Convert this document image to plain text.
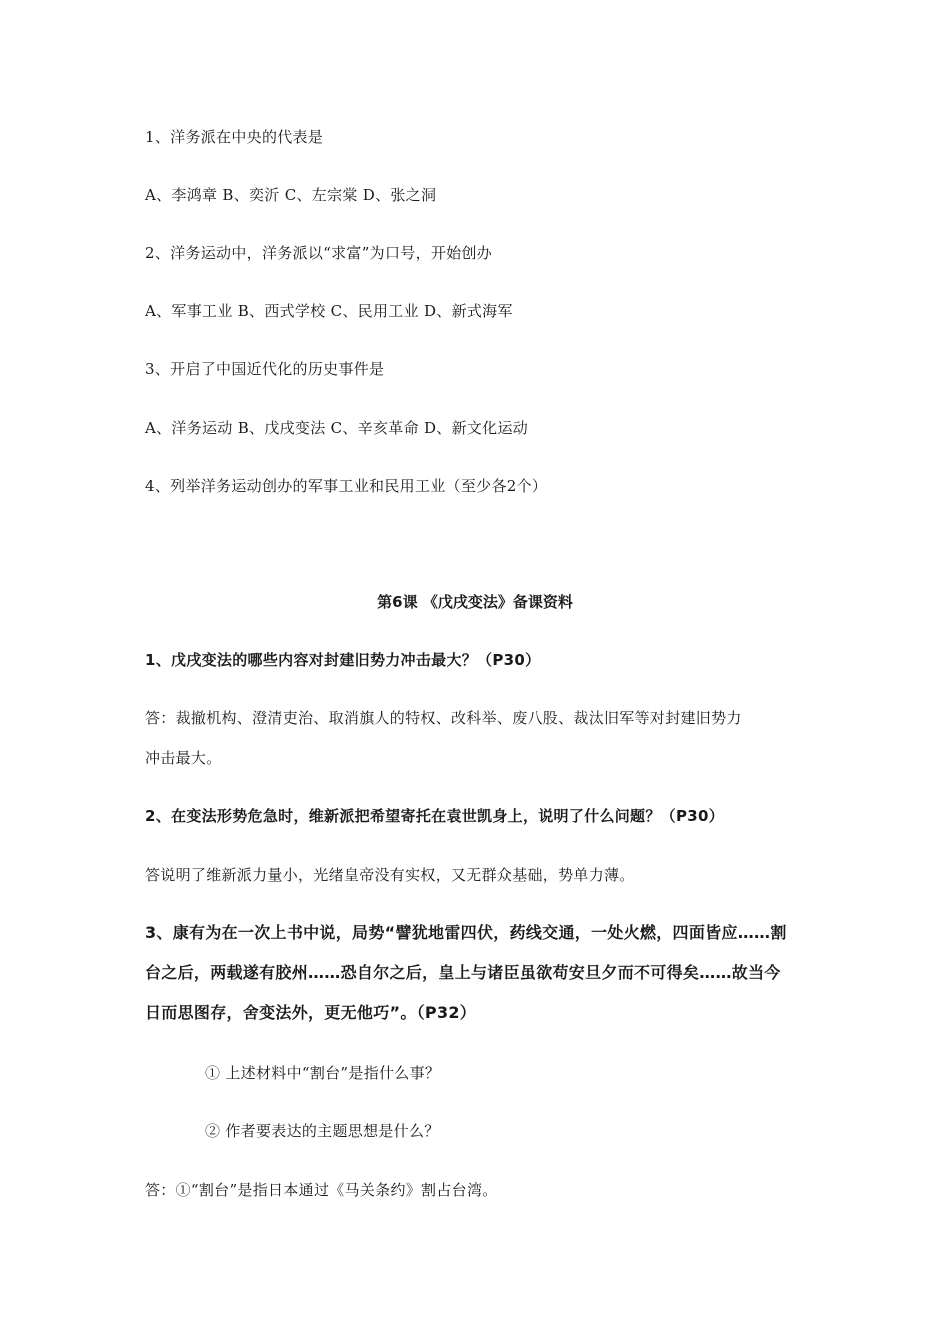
1、洋务派在中央的代表是
A、李鸿章 B、奕沂 C、左宗棠 D、张之洞
2、洋务运动中，洋务派以“求富”为口号，开始创办
A、军事工业 B、西式学校 C、民用工业 D、新式海军
3、开启了中国近代化的历史事件是
A、洋务运动 B、戊戌变法 C、辛亥革命 D、新文化运动
4、列举洋务运动创办的军事工业和民用工业（至少各2个）
第6课 《戊戌变法》备课资料
1、戊戌变法的哪些内容对封建旧势力冲击最大？（P30）
答：裁撤机构、澄清吏治、取消旗人的特权、改科举、废八股、裁汰旧军等对封建旧势力
冲击最大。
2、在变法形势危急时，维新派把希望寄托在袁世凯身上，说明了什么问题？（P30）
答说明了维新派力量小，光绪皇帝没有实权，又无群众基础，势单力薄。
3、康有为在一次上书中说，局势“譬犹地雷四伏，药线交通，一处火燃，四面皆应……割
台之后，两载遂有胶州……恐自尔之后，皇上与诸臣虽欲苟安旦夕而不可得矣……故当今
日而思图存，舍变法外，更无他巧”。（P32）
① 上述材料中“割台”是指什么事？
② 作者要表达的主题思想是什么？
答：①“割台”是指日本通过《马关条约》割占台湾。
